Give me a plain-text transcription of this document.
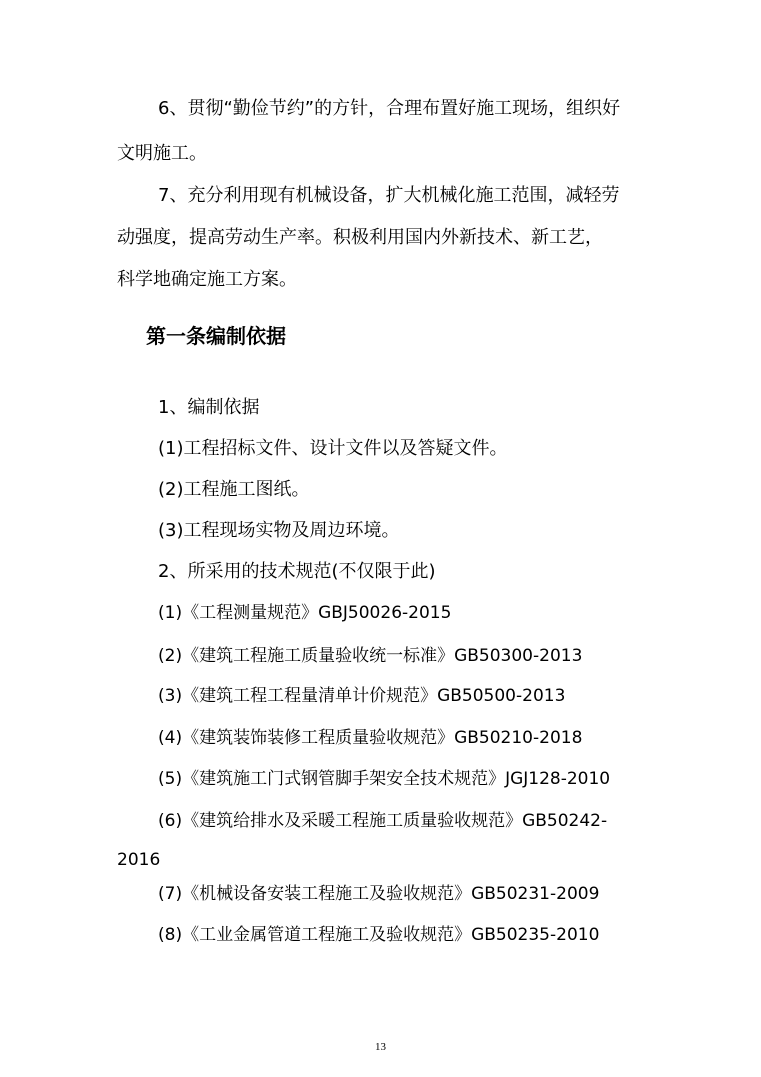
6、贯彻“勤俭节约”的方针，合理布置好施工现场，组织好
文明施工。
7、充分利用现有机械设备，扩大机械化施工范围，减轻劳
动强度，提高劳动生产率。积极利用国内外新技术、新工艺，
科学地确定施工方案。
第一条编制依据
1、编制依据
(1)工程招标文件、设计文件以及答疑文件。
(2)工程施工图纸。
(3)工程现场实物及周边环境。
2、所采用的技术规范(不仅限于此)
(1)《工程测量规范》GBJ50026-2015
(2)《建筑工程施工质量验收统一标准》GB50300-2013
(3)《建筑工程工程量清单计价规范》GB50500-2013
(4)《建筑装饰装修工程质量验收规范》GB50210-2018
(5)《建筑施工门式钢管脚手架安全技术规范》JGJ128-2010
(6)《建筑给排水及采暖工程施工质量验收规范》GB50242-
2016
(7)《机械设备安装工程施工及验收规范》GB50231-2009
(8)《工业金属管道工程施工及验收规范》GB50235-2010
13
